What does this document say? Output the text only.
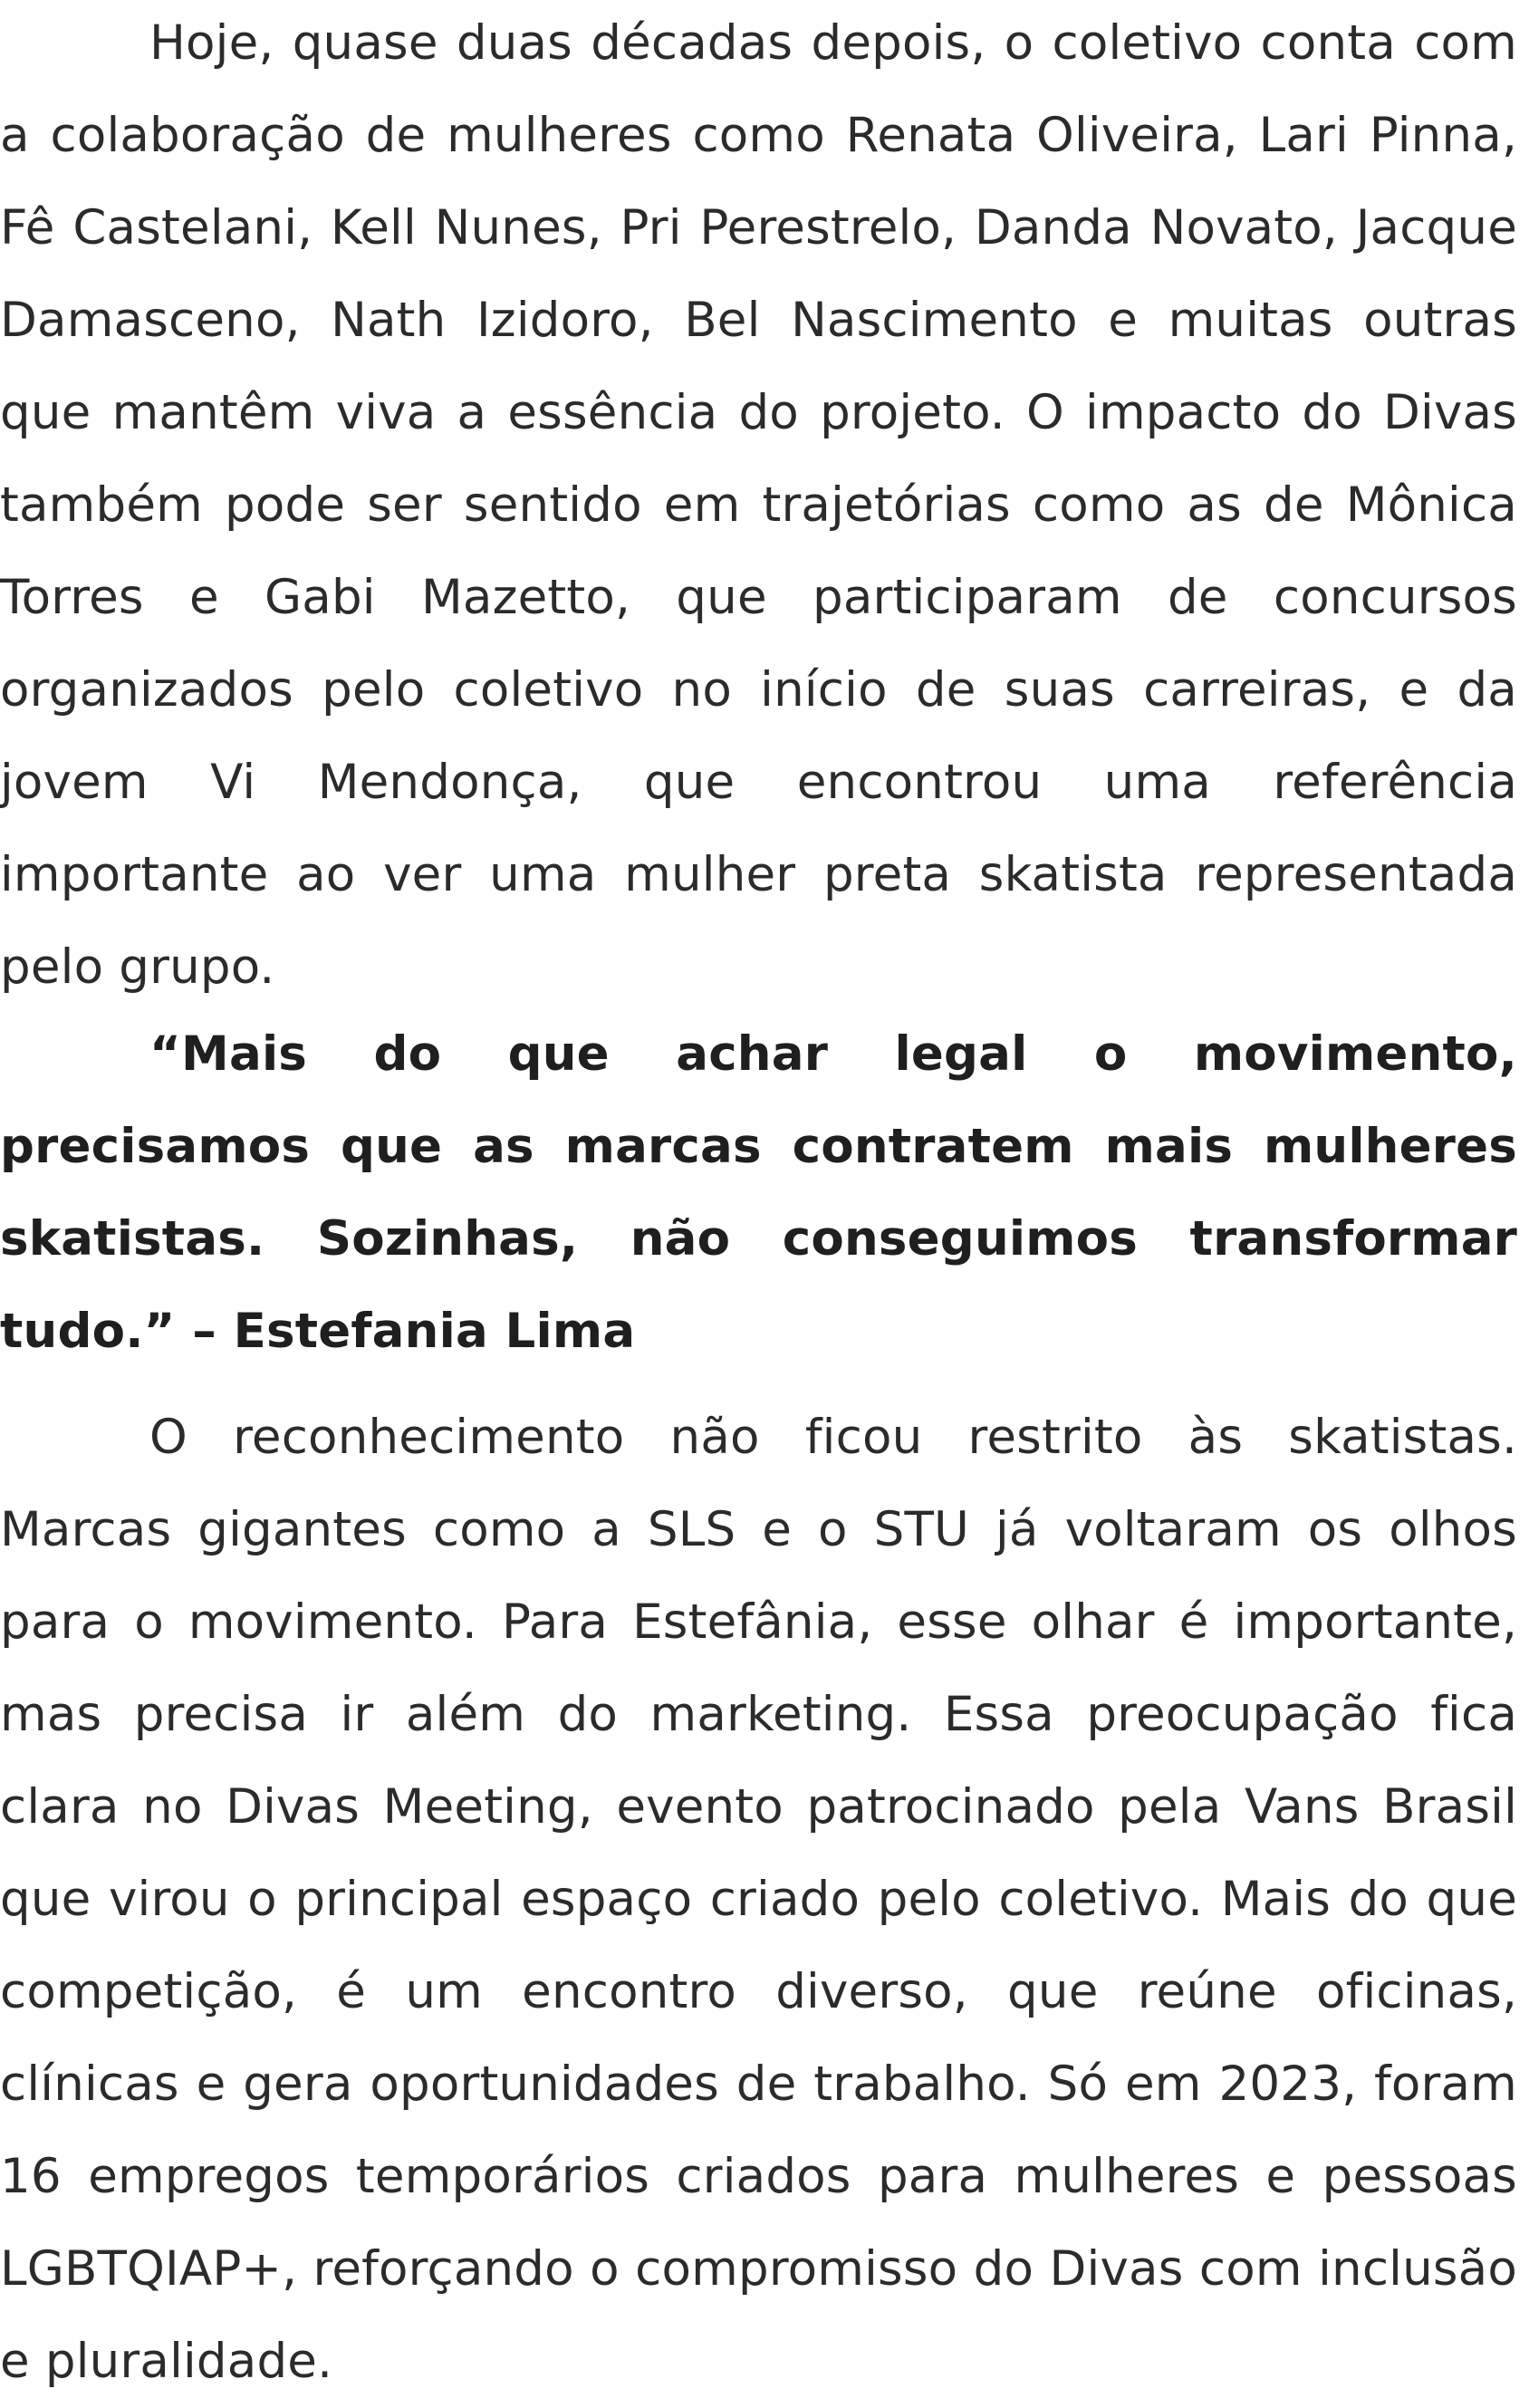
Hoje, quase duas décadas depois, o coletivo conta com a colaboração de mulheres como Renata Oliveira, Lari Pinna, Fê Castelani, Kell Nunes, Pri Perestrelo, Danda Novato, Jacque Damasceno, Nath Izidoro, Bel Nascimento e muitas outras que mantêm viva a essência do projeto. O impacto do Divas também pode ser sentido em trajetórias como as de Mônica Torres e Gabi Mazetto, que participaram de concursos organizados pelo coletivo no início de suas carreiras, e da jovem Vi Mendonça, que encontrou uma referência importante ao ver uma mulher preta skatista representada pelo grupo.

“Mais do que achar legal o movimento, precisamos que as marcas contratem mais mulheres skatistas. Sozinhas, não conseguimos transformar tudo.” – Estefania Lima

O reconhecimento não ficou restrito às skatistas. Marcas gigantes como a SLS e o STU já voltaram os olhos para o movimento. Para Estefânia, esse olhar é importante, mas precisa ir além do marketing. Essa preocupação fica clara no Divas Meeting, evento patrocinado pela Vans Brasil que virou o principal espaço criado pelo coletivo. Mais do que competição, é um encontro diverso, que reúne oficinas, clínicas e gera oportunidades de trabalho. Só em 2023, foram 16 empregos temporários criados para mulheres e pessoas LGBTQIAP+, reforçando o compromisso do Divas com inclusão e pluralidade.
